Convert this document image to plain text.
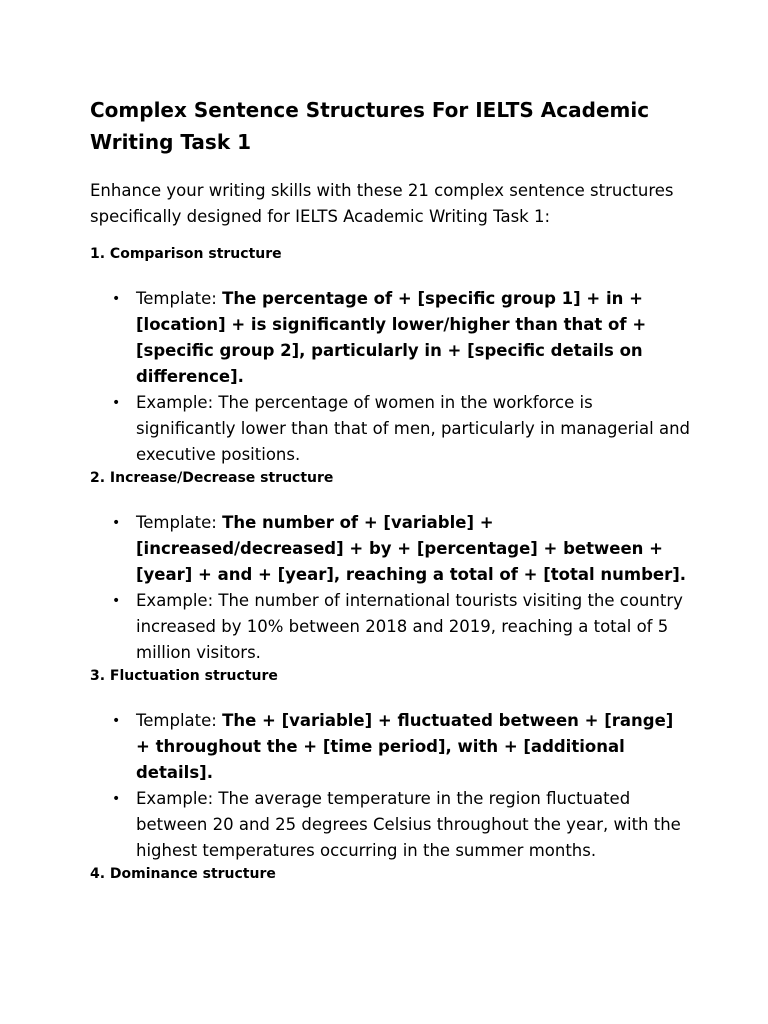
Complex Sentence Structures For IELTS Academic Writing Task 1

Enhance your writing skills with these 21 complex sentence structures specifically designed for IELTS Academic Writing Task 1:

1. Comparison structure
• Template: The percentage of + [specific group 1] + in + [location] + is significantly lower/higher than that of + [specific group 2], particularly in + [specific details on difference].
• Example: The percentage of women in the workforce is significantly lower than that of men, particularly in managerial and executive positions.
2. Increase/Decrease structure
• Template: The number of + [variable] + [increased/decreased] + by + [percentage] + between + [year] + and + [year], reaching a total of + [total number].
• Example: The number of international tourists visiting the country increased by 10% between 2018 and 2019, reaching a total of 5 million visitors.
3. Fluctuation structure
• Template: The + [variable] + fluctuated between + [range] + throughout the + [time period], with + [additional details].
• Example: The average temperature in the region fluctuated between 20 and 25 degrees Celsius throughout the year, with the highest temperatures occurring in the summer months.
4. Dominance structure
